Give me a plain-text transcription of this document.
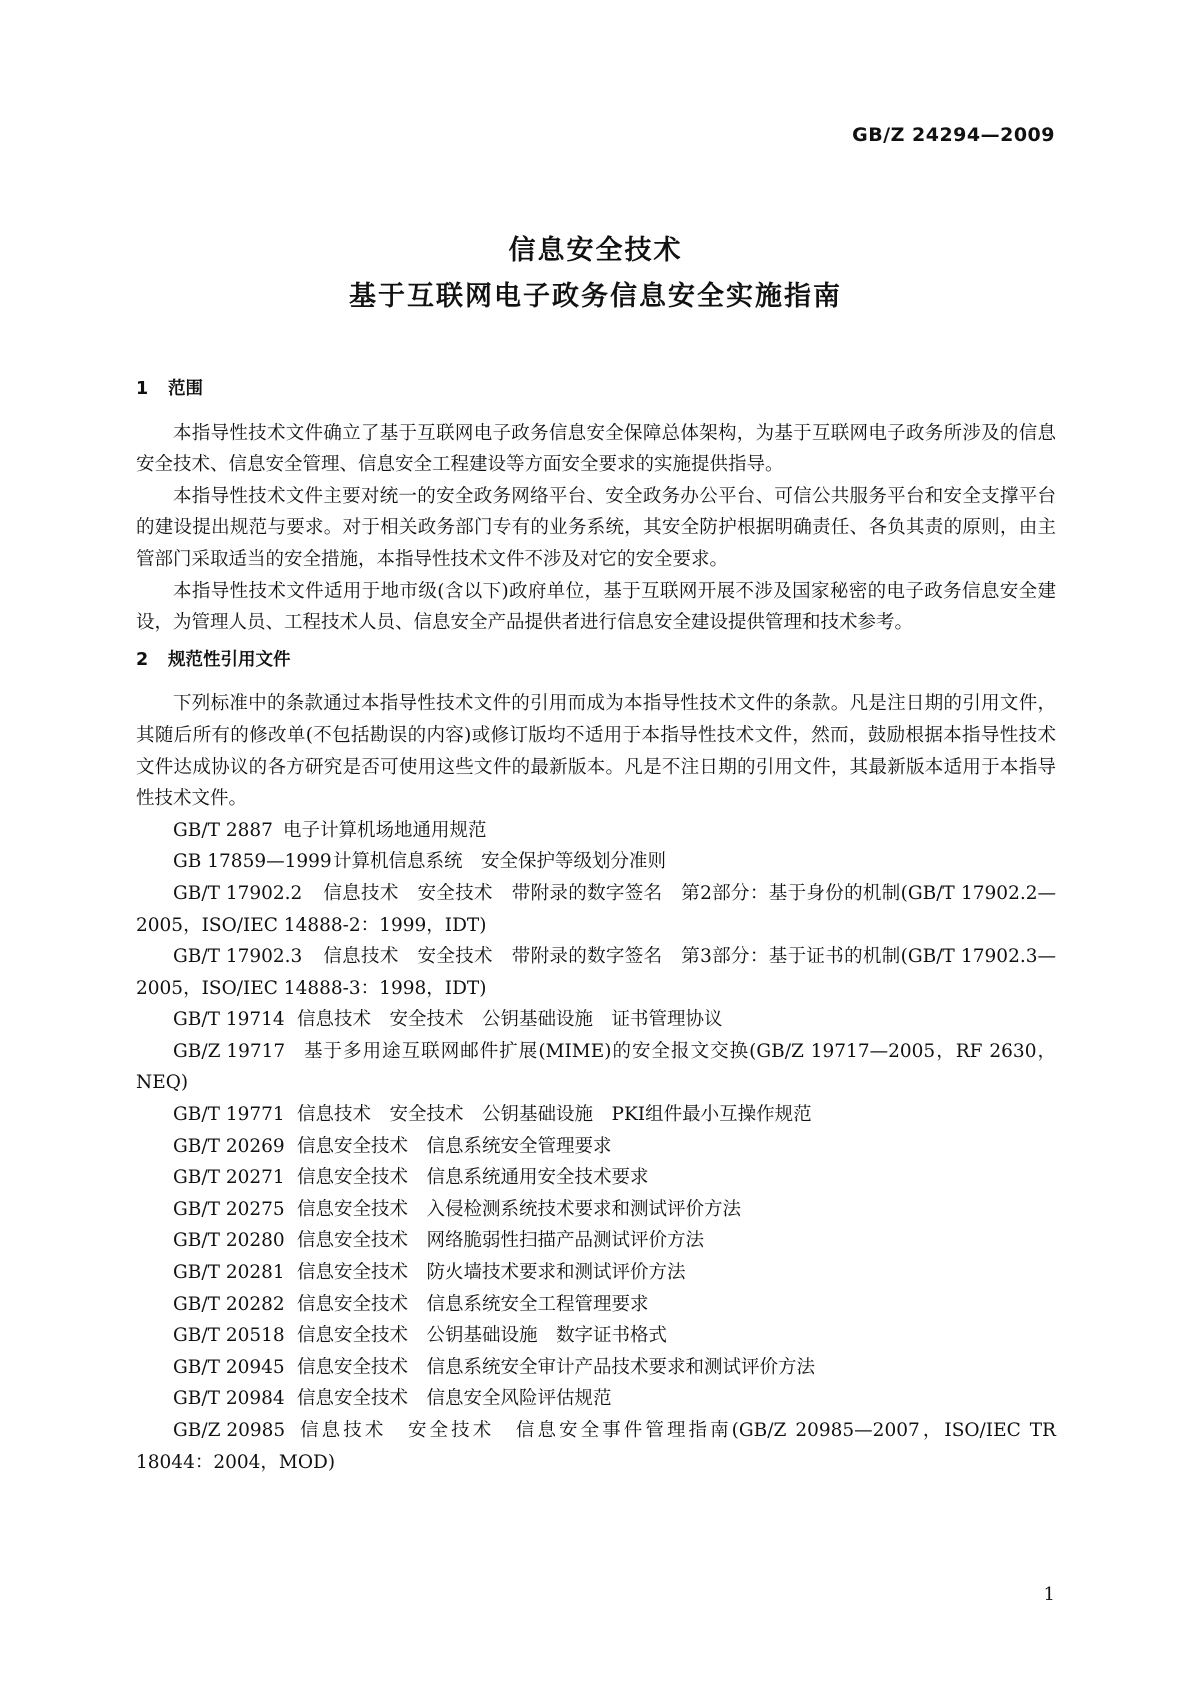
GB/Z 24294—2009
信息安全技术
基于互联网电子政务信息安全实施指南

1 范围

本指导性技术文件确立了基于互联网电子政务信息安全保障总体架构，为基于互联网电子政务所涉及的信息安全技术、信息安全管理、信息安全工程建设等方面安全要求的实施提供指导。

本指导性技术文件主要对统一的安全政务网络平台、安全政务办公平台、可信公共服务平台和安全支撑平台的建设提出规范与要求。对于相关政务部门专有的业务系统，其安全防护根据明确责任、各负其责的原则，由主管部门采取适当的安全措施，本指导性技术文件不涉及对它的安全要求。

本指导性技术文件适用于地市级(含以下)政府单位，基于互联网开展不涉及国家秘密的电子政务信息安全建设，为管理人员、工程技术人员、信息安全产品提供者进行信息安全建设提供管理和技术参考。

2 规范性引用文件

下列标准中的条款通过本指导性技术文件的引用而成为本指导性技术文件的条款。凡是注日期的引用文件，其随后所有的修改单(不包括勘误的内容)或修订版均不适用于本指导性技术文件，然而，鼓励根据本指导性技术文件达成协议的各方研究是否可使用这些文件的最新版本。凡是不注日期的引用文件，其最新版本适用于本指导性技术文件。

GB/T 2887 电子计算机场地通用规范

GB 17859—1999计算机信息系统　安全保护等级划分准则

GB/T 17902.2 信息技术　安全技术　带附录的数字签名　第2部分：基于身份的机制(GB/T 17902.2—2005，ISO/IEC 14888-2：1999，IDT)

GB/T 17902.3 信息技术　安全技术　带附录的数字签名　第3部分：基于证书的机制(GB/T 17902.3—2005，ISO/IEC 14888-3：1998，IDT)

GB/T 19714 信息技术　安全技术　公钥基础设施　证书管理协议

GB/Z 19717 基于多用途互联网邮件扩展(MIME)的安全报文交换(GB/Z 19717—2005，RF 2630，NEQ)

GB/T 19771 信息技术　安全技术　公钥基础设施　PKI组件最小互操作规范

GB/T 20269 信息安全技术　信息系统安全管理要求

GB/T 20271 信息安全技术　信息系统通用安全技术要求

GB/T 20275 信息安全技术　入侵检测系统技术要求和测试评价方法

GB/T 20280 信息安全技术　网络脆弱性扫描产品测试评价方法

GB/T 20281 信息安全技术　防火墙技术要求和测试评价方法

GB/T 20282 信息安全技术　信息系统安全工程管理要求

GB/T 20518 信息安全技术　公钥基础设施　数字证书格式

GB/T 20945 信息安全技术　信息系统安全审计产品技术要求和测试评价方法

GB/T 20984 信息安全技术　信息安全风险评估规范

GB/Z 20985 信息技术　安全技术　信息安全事件管理指南(GB/Z 20985—2007，ISO/IEC TR 18044：2004，MOD)

1
